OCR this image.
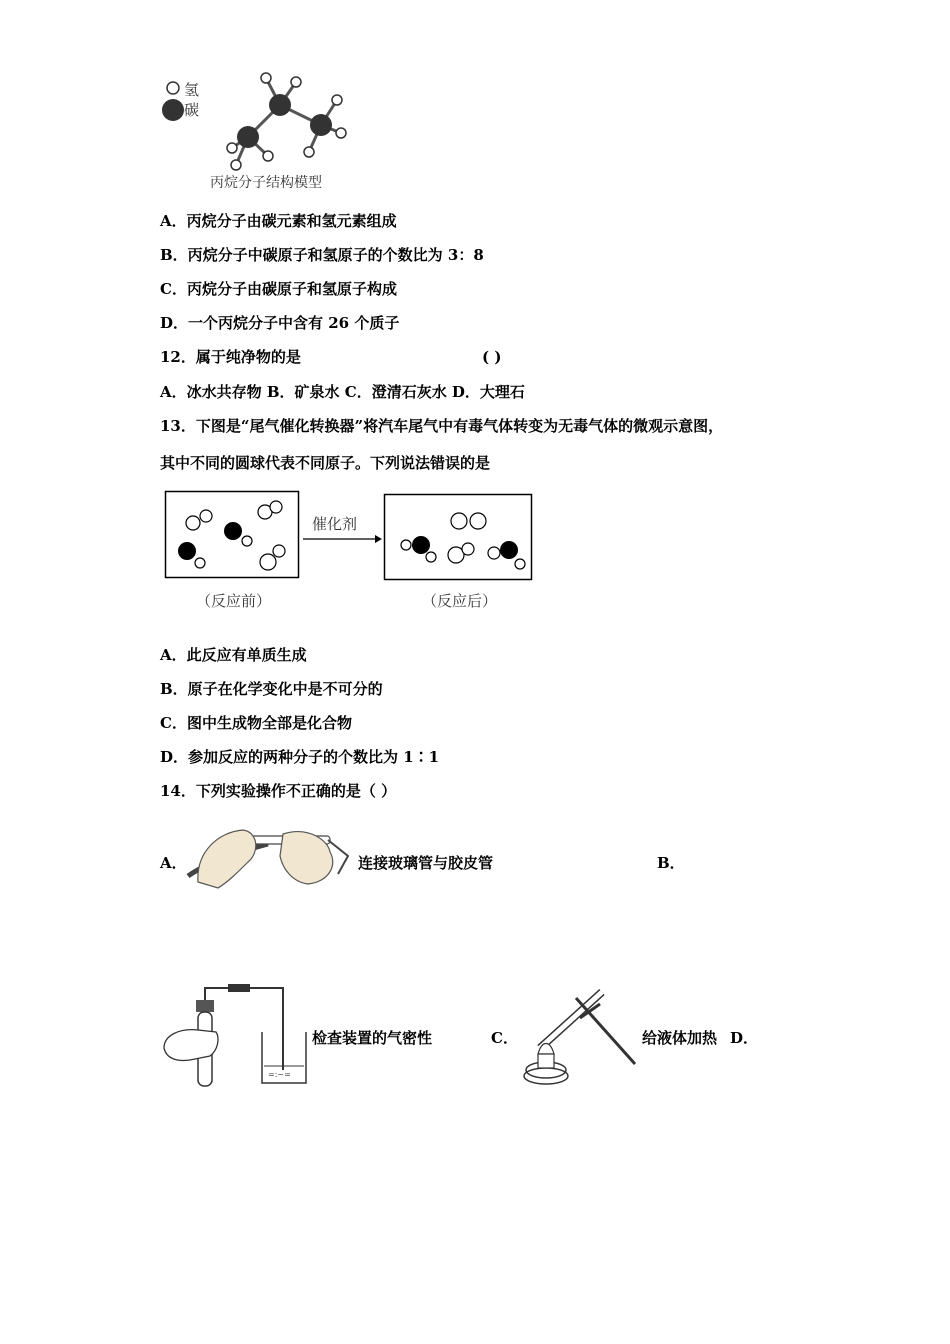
氢
碳
丙烷分子结构模型
A．丙烷分子由碳元素和氢元素组成
B．丙烷分子中碳原子和氢原子的个数比为 3：8
C．丙烷分子由碳原子和氢原子构成
D．一个丙烷分子中含有 26 个质子
12．属于纯净物的是	( )
A．冰水共存物 B．矿泉水 C．澄清石灰水 D．大理石
13．下图是“尾气催化转换器”将汽车尾气中有毒气体转变为无毒气体的微观示意图，
其中不同的圆球代表不同原子。下列说法错误的是
催化剂
（反应前）	（反应后）
A．此反应有单质生成
B．原子在化学变化中是不可分的
C．图中生成物全部是化合物
D．参加反应的两种分子的个数比为 1∶1
14．下列实验操作不正确的是（ ）
A．	连接玻璃管与胶皮管	B．
=:~=
检查装置的气密性	C．	给液体加热 D．
